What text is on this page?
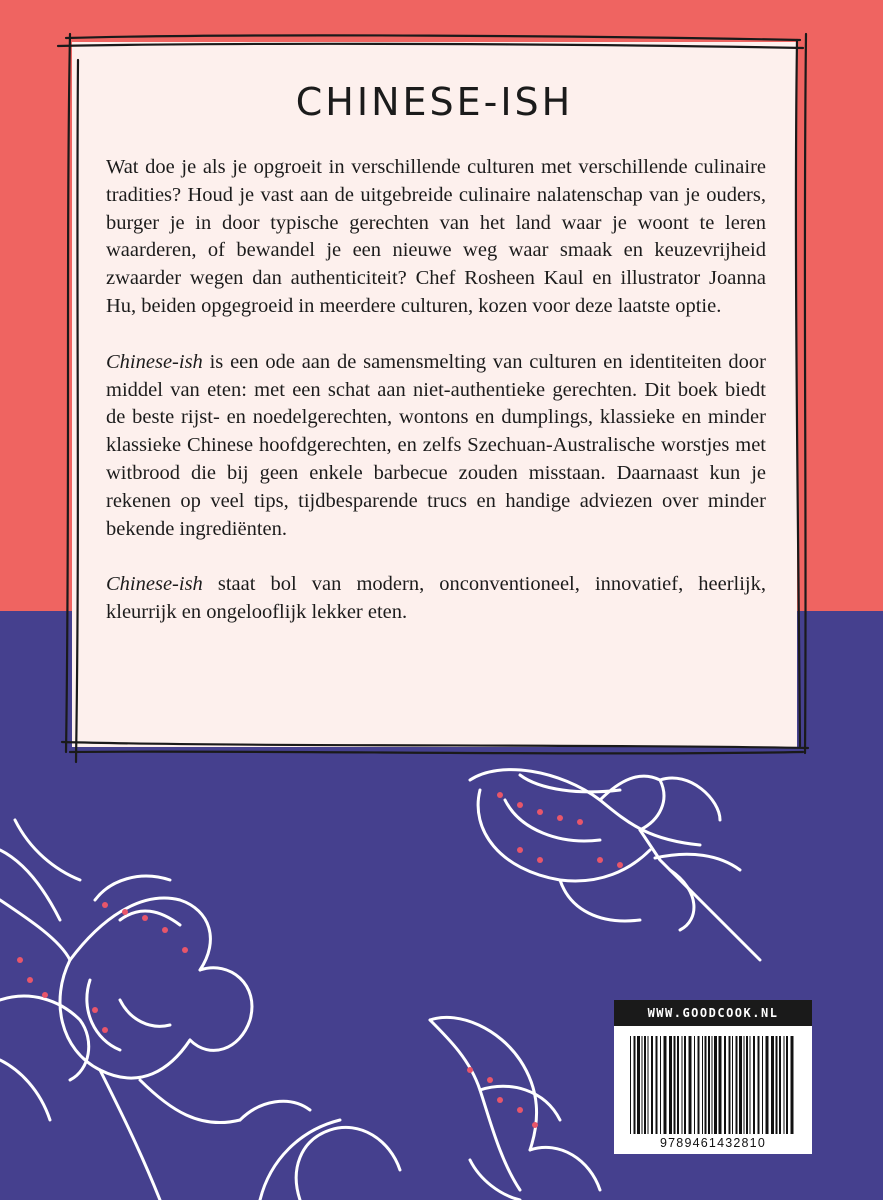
CHINESE-ISH

Wat doe je als je opgroeit in verschillende culturen met verschillende culinaire tradities? Houd je vast aan de uitgebreide culinaire nalatenschap van je ouders, burger je in door typische gerechten van het land waar je woont te leren waarderen, of bewandel je een nieuwe weg waar smaak en keuzevrijheid zwaarder wegen dan authenticiteit? Chef Rosheen Kaul en illustrator Joanna Hu, beiden opgegroeid in meerdere culturen, kozen voor deze laatste optie.

Chinese-ish is een ode aan de samensmelting van culturen en identiteiten door middel van eten: met een schat aan niet-authentieke gerechten. Dit boek biedt de beste rijst- en noedelgerechten, wontons en dumplings, klassieke en minder klassieke Chinese hoofdgerechten, en zelfs Szechuan-Australische worstjes met witbrood die bij geen enkele barbecue zouden misstaan. Daarnaast kun je rekenen op veel tips, tijdbesparende trucs en handige adviezen over minder bekende ingrediënten.

Chinese-ish staat bol van modern, onconventioneel, innovatief, heerlijk, kleurrijk en ongelooflijk lekker eten.

WWW.GOODCOOK.NL
9789461432810
